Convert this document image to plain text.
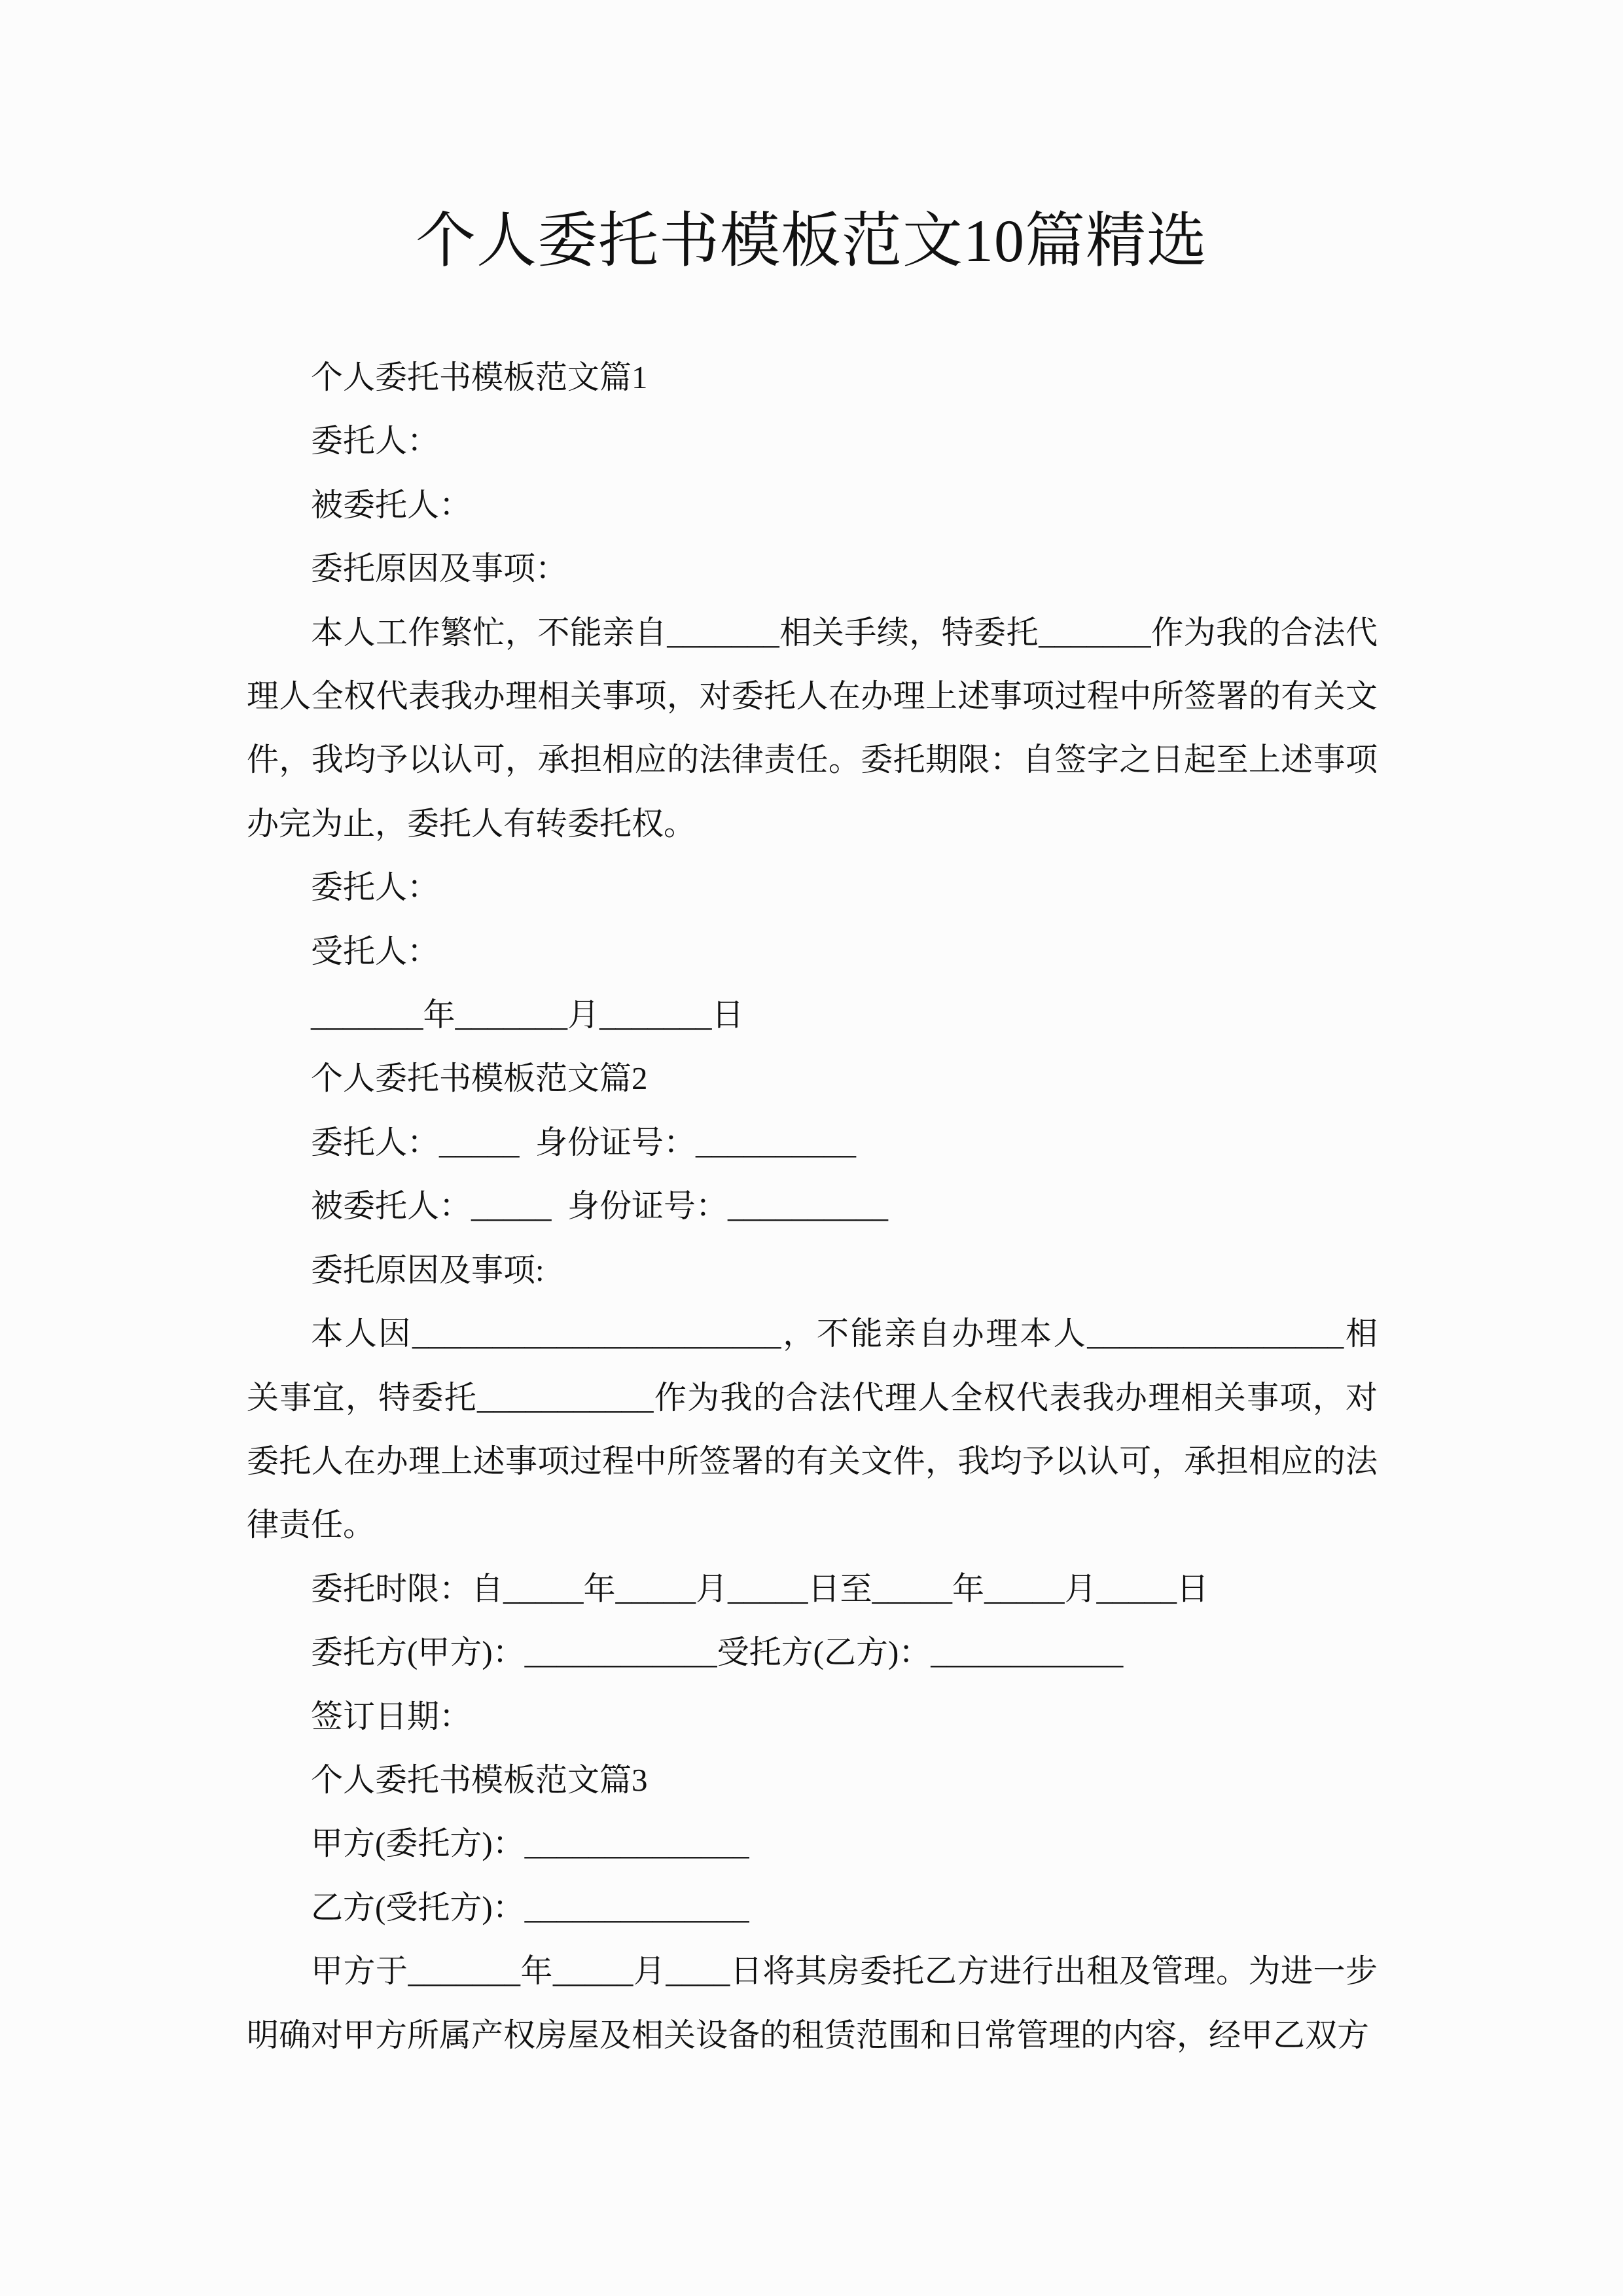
个人委托书模板范文10篇精选

个人委托书模板范文篇1

委托人：

被委托人：

委托原因及事项：

本人工作繁忙，不能亲自_______相关手续，特委托_______作为我的合法代理人全权代表我办理相关事项，对委托人在办理上述事项过程中所签署的有关文件，我均予以认可，承担相应的法律责任。委托期限：自签字之日起至上述事项办完为止，委托人有转委托权。

委托人：

受托人：

_______年_______月_______日

个人委托书模板范文篇2

委托人：_____  身份证号：__________

被委托人：_____  身份证号：__________

委托原因及事项:

本人因_______________________，不能亲自办理本人________________相关事宜，特委托___________作为我的合法代理人全权代表我办理相关事项，对委托人在办理上述事项过程中所签署的有关文件，我均予以认可，承担相应的法律责任。

委托时限：自_____年_____月_____日至_____年_____月_____日

委托方(甲方)：____________受托方(乙方)：____________

签订日期：

个人委托书模板范文篇3

甲方(委托方)：______________

乙方(受托方)：______________

甲方于_______年_____月____日将其房委托乙方进行出租及管理。为进一步明确对甲方所属产权房屋及相关设备的租赁范围和日常管理的内容，经甲乙双方
